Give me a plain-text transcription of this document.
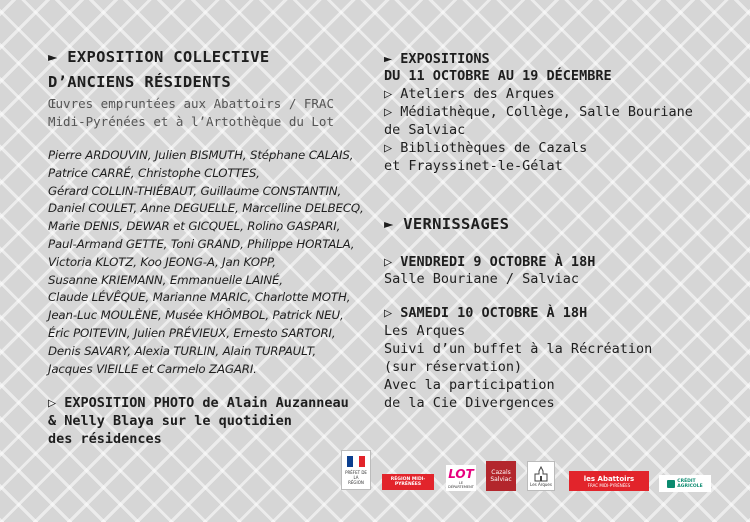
► EXPOSITION COLLECTIVE
D’ANCIENS RÉSIDENTS
Œuvres empruntées aux Abattoirs / FRAC
Midi-Pyrénées et à l’Artothèque du Lot
Pierre ARDOUVIN, Julien BISMUTH, Stéphane CALAIS,
Patrice CARRÉ, Christophe CLOTTES,
Gérard COLLIN-THIÉBAUT, Guillaume CONSTANTIN,
Daniel COULET, Anne DEGUELLE, Marcelline DELBECQ,
Marie DENIS, DEWAR et GICQUEL, Rolino GASPARI,
Paul-Armand GETTE, Toni GRAND, Philippe HORTALA,
Victoria KLOTZ, Koo JEONG-A, Jan KOPP,
Susanne KRIEMANN, Emmanuelle LAINÉ,
Claude LÉVÊQUE, Marianne MARIC, Charlotte MOTH,
Jean-Luc MOULÈNE, Musée KHÔMBOL, Patrick NEU,
Éric POITEVIN, Julien PRÉVIEUX, Ernesto SARTORI,
Denis SAVARY, Alexia TURLIN, Alain TURPAULT,
Jacques VIEILLE et Carmelo ZAGARI.
▷ EXPOSITION PHOTO de Alain Auzanneau
& Nelly Blaya sur le quotidien
des résidences
► EXPOSITIONS
DU 11 OCTOBRE AU 19 DÉCEMBRE
▷ Ateliers des Arques
▷ Médiathèque, Collège, Salle Bouriane
de Salviac
▷ Bibliothèques de Cazals
et Frayssinet-le-Gélat
► VERNISSAGES
▷ VENDREDI 9 OCTOBRE À 18H
Salle Bouriane / Salviac
▷ SAMEDI 10 OCTOBRE À 18H
Les Arques
Suivi d’un buffet à la Récréation
(sur réservation)
Avec la participation
de la Cie Divergences
PRÉFET DE LA RÉGION	RÉGION MIDI-PYRÉNÉES
LOT
LE DÉPARTEMENT
Cazals
Salviac
Les Arques
les Abattoirs
FRAC MIDI-PYRÉNÉES
CRÉDIT
AGRICOLE
